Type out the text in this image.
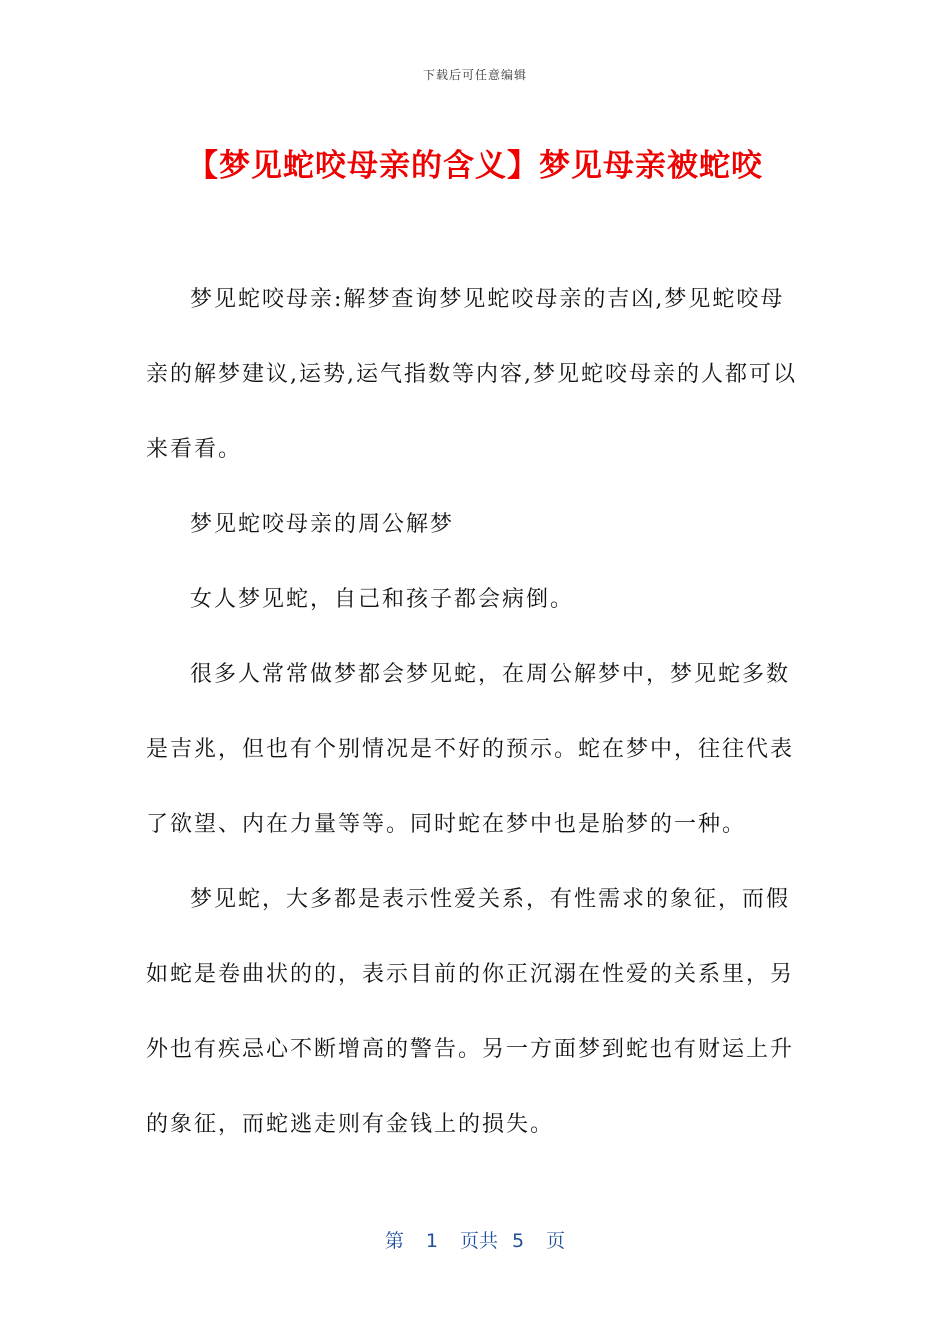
下载后可任意编辑
【梦见蛇咬母亲的含义】梦见母亲被蛇咬

梦见蛇咬母亲:解梦查询梦见蛇咬母亲的吉凶,梦见蛇咬母亲的解梦建议,运势,运气指数等内容,梦见蛇咬母亲的人都可以来看看。

梦见蛇咬母亲的周公解梦

女人梦见蛇，自己和孩子都会病倒。

很多人常常做梦都会梦见蛇，在周公解梦中，梦见蛇多数是吉兆，但也有个别情况是不好的预示。蛇在梦中，往往代表了欲望、内在力量等等。同时蛇在梦中也是胎梦的一种。

梦见蛇，大多都是表示性爱关系，有性需求的象征，而假如蛇是卷曲状的的，表示目前的你正沉溺在性爱的关系里，另外也有疾忌心不断增高的警告。另一方面梦到蛇也有财运上升的象征，而蛇逃走则有金钱上的损失。

第 1 页共 5 页
